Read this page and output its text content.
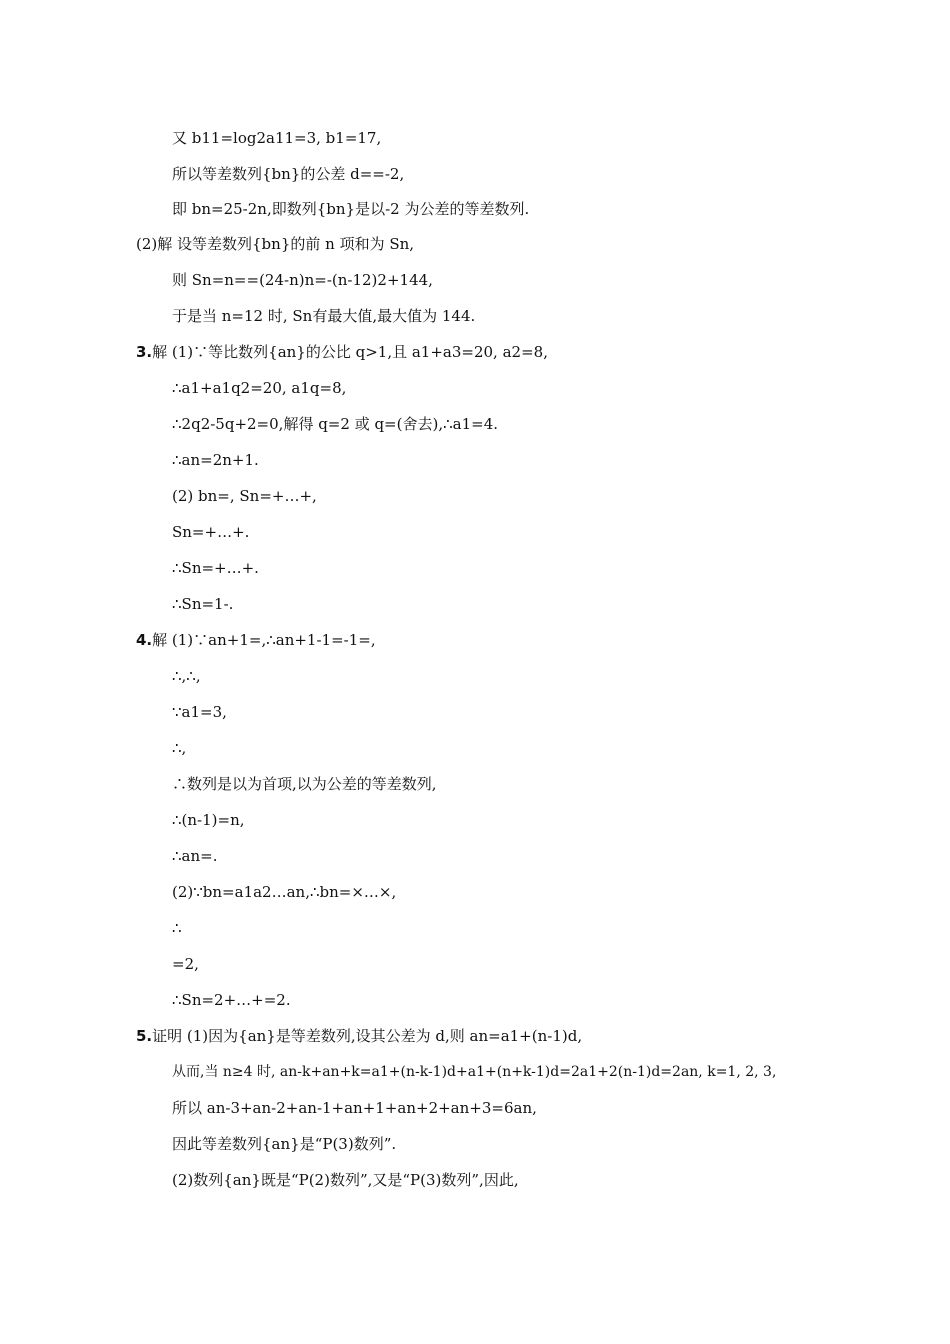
又 b11=log2a11=3, b1=17,
所以等差数列{bn}的公差 d==-2,
即 bn=25-2n,即数列{bn}是以-2 为公差的等差数列.
(2)解 设等差数列{bn}的前 n 项和为 Sn,
则 Sn=n==(24-n)n=-(n-12)2+144,
于是当 n=12 时, Sn有最大值,最大值为 144.
3.解 (1)∵等比数列{an}的公比 q>1,且 a1+a3=20, a2=8,
∴a1+a1q2=20, a1q=8,
∴2q2-5q+2=0,解得 q=2 或 q=(舍去),∴a1=4.
∴an=2n+1.
(2) bn=, Sn=+…+,
Sn=+…+.
∴Sn=+…+.
∴Sn=1-.
4.解 (1)∵an+1=,∴an+1-1=-1=,
∴,∴,
∵a1=3,
∴,
∴数列是以为首项,以为公差的等差数列,
∴(n-1)=n,
∴an=.
(2)∵bn=a1a2…an,∴bn=×…×,
∴
=2,
∴Sn=2+…+=2.
5.证明 (1)因为{an}是等差数列,设其公差为 d,则 an=a1+(n-1)d,
从而,当 n≥4 时, an-k+an+k=a1+(n-k-1)d+a1+(n+k-1)d=2a1+2(n-1)d=2an, k=1, 2, 3,
所以 an-3+an-2+an-1+an+1+an+2+an+3=6an,
因此等差数列{an}是“P(3)数列”.
(2)数列{an}既是“P(2)数列”,又是“P(3)数列”,因此,
